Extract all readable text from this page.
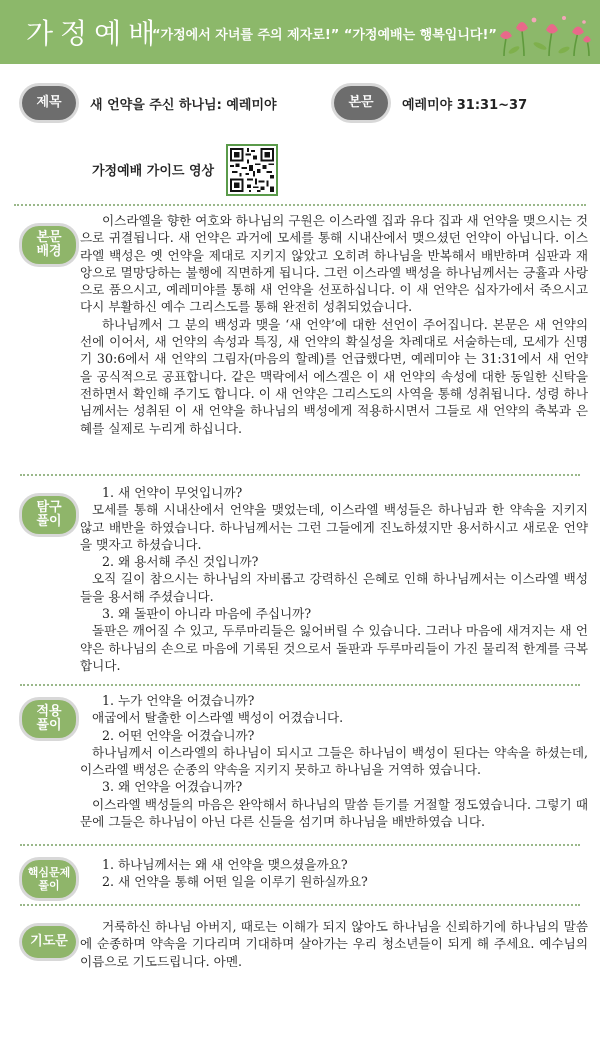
가정예배
“가정에서 자녀를 주의 제자로!” “가정예배는 행복입니다!”
제목	새 언약을 주신 하나님: 예레미야	본문	예레미야 31:31~37
가정예배 가이드 영상
본문
배경

이스라엘을 향한 여호와 하나님의 구원은 이스라엘 집과 유다 집과 새 언약을 맺으시는 것으로 귀결됩니다. 새 언약은 과거에 모세를 통해 시내산에서 맺으셨던 언약이 아닙니다. 이스라엘 백성은 옛 언약을 제대로 지키지 않았고 오히려 하나님을 반복해서 배반하며 심판과 재앙으로 멸망당하는 불행에 직면하게 됩니다. 그런 이스라엘 백성을 하나님께서는 긍휼과 사랑으로 품으시고, 예레미야를 통해 새 언약을 선포하십니다. 이 새 언약은 십자가에서 죽으시고 다시 부활하신 예수 그리스도를 통해 완전히 성취되었습니다.

하나님께서 그 분의 백성과 맺을 ‘새 언약’에 대한 선언이 주어집니다. 본문은 새 언약의 선에 이어서, 새 언약의 속성과 특징, 새 언약의 확실성을 차례대로 서술하는데, 모세가 신명기 30:6에서 새 언약의 그림자(마음의 할례)를 언급했다면, 예레미야 는 31:31에서 새 언약을 공식적으로 공표합니다. 같은 맥락에서 에스겔은 이 새 언약의 속성에 대한 동일한 신탁을 전하면서 확인해 주기도 합니다. 이 새 언약은 그리스도의 사역을 통해 성취됩니다. 성령 하나님께서는 성취된 이 새 언약을 하나님의 백성에게 적용하시면서 그들로 새 언약의 축복과 은혜를 실제로 누리게 하십니다.

탐구
풀이

1. 새 언약이 무엇입니까?

모세를 통해 시내산에서 언약을 맺었는데, 이스라엘 백성들은 하나님과 한 약속을 지키지 않고 배반을 하였습니다. 하나님께서는 그런 그들에게 진노하셨지만 용서하시고 새로운 언약을 맺자고 하셨습니다.

2. 왜 용서해 주신 것입니까?

오직 길이 참으시는 하나님의 자비롭고 강력하신 은혜로 인해 하나님께서는 이스라엘 백성들을 용서해 주셨습니다.

3. 왜 돌판이 아니라 마음에 주십니까?

돌판은 깨어질 수 있고, 두루마리들은 잃어버릴 수 있습니다. 그러나 마음에 새겨지는 새 언약은 하나님의 손으로 마음에 기록된 것으로서 돌판과 두루마리들이 가진 물리적 한계를 극복합니다.

적용
풀이

1. 누가 언약을 어겼습니까?

애굽에서 탈출한 이스라엘 백성이 어겼습니다.

2. 어떤 언약을 어겼습니까?

하나님께서 이스라엘의 하나님이 되시고 그들은 하나님이 백성이 된다는 약속을 하셨는데, 이스라엘 백성은 순종의 약속을 지키지 못하고 하나님을 거역하 였습니다.

3. 왜 언약을 어겼습니까?

이스라엘 백성들의 마음은 완악해서 하나님의 말씀 듣기를 거절할 정도였습니다. 그렇기 때문에 그들은 하나님이 아닌 다른 신들을 섬기며 하나님을 배반하였습 니다.

핵심문제
풀이

1. 하나님께서는 왜 새 언약을 맺으셨을까요?

2. 새 언약을 통해 어떤 일을 이루기 원하실까요?

기도문

거룩하신 하나님 아버지, 때로는 이해가 되지 않아도 하나님을 신뢰하기에 하나님의 말씀에 순종하며 약속을 기다리며 기대하며 살아가는 우리 청소년들이 되게 해 주세요. 예수님의 이름으로 기도드립니다. 아멘.
